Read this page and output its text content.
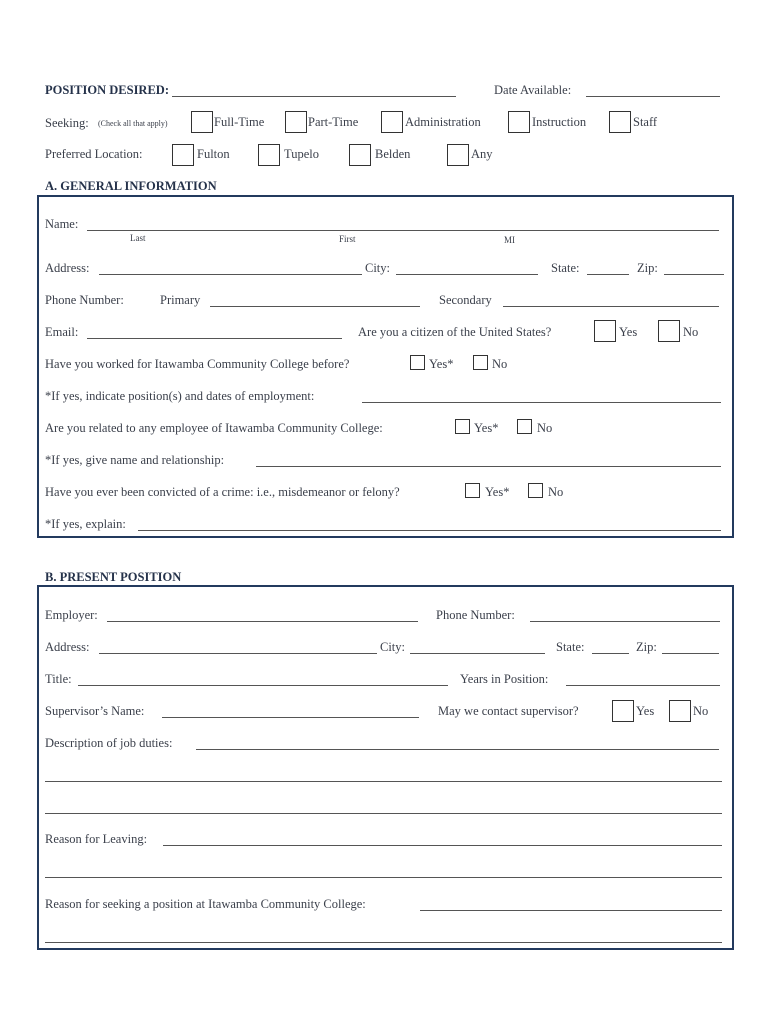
POSITION DESIRED:	Date Available:
Seeking: (Check all that apply)	Full-Time	Part-Time	Administration	Instruction	Staff
Preferred Location:	Fulton	Tupelo	Belden	Any
A. GENERAL INFORMATION
Name:
Last	First	MI
Address:	City:	State:	Zip:
Phone Number:	Primary	Secondary
Email:	Are you a citizen of the United States?	Yes	No
Have you worked for Itawamba Community College before?	Yes*	No
*If yes, indicate position(s) and dates of employment:
Are you related to any employee of Itawamba Community College:	Yes*	No
*If yes, give name and relationship:
Have you ever been convicted of a crime: i.e., misdemeanor or felony?	Yes*	No
*If yes, explain:
B. PRESENT POSITION
Employer:	Phone Number:
Address:	City:	State:	Zip:
Title:	Years in Position:
Supervisor’s Name:	May we contact supervisor?	Yes	No
Description of job duties:
Reason for Leaving:
Reason for seeking a position at Itawamba Community College:
